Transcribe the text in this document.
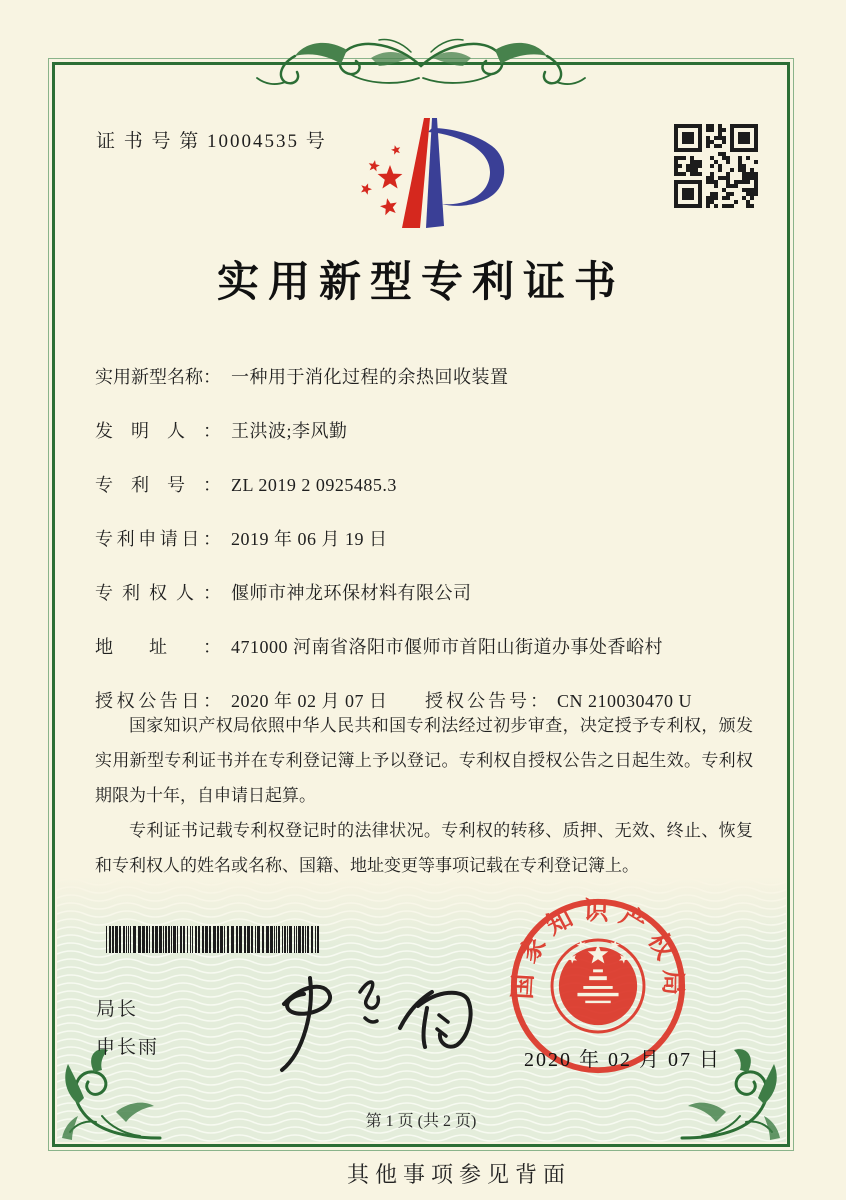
证 书 号 第 10004535 号
实用新型专利证书
实用新型名称： 一种用于消化过程的余热回收装置
发明人： 王洪波;李风勤
专利号： ZL 2019 2 0925485.3
专利申请日： 2019 年 06 月 19 日
专利权人： 偃师市神龙环保材料有限公司
地址： 471000 河南省洛阳市偃师市首阳山街道办事处香峪村
授权公告日： 2020 年 02 月 07 日 授权公告号： CN 210030470 U

国家知识产权局依照中华人民共和国专利法经过初步审查，决定授予专利权，颁发实用新型专利证书并在专利登记簿上予以登记。专利权自授权公告之日起生效。专利权期限为十年，自申请日起算。

专利证书记载专利权登记时的法律状况。专利权的转移、质押、无效、终止、恢复和专利权人的姓名或名称、国籍、地址变更等事项记载在专利登记簿上。

局长
申长雨
国家知识产权局
2020 年 02 月 07 日
第 1 页 (共 2 页)
其他事项参见背面
